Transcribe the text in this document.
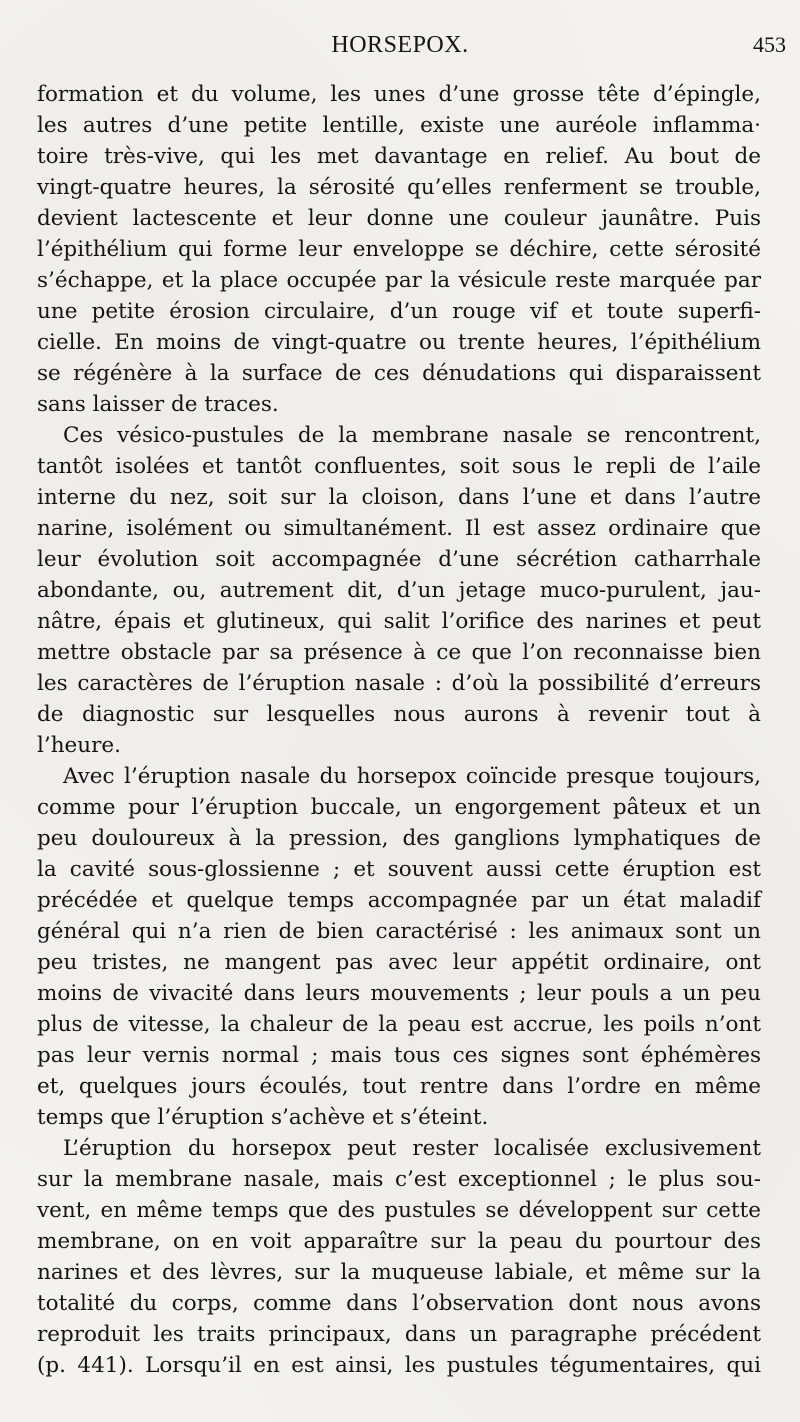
HORSEPOX.	453
formation et du volume, les unes d’une grosse tête d’épingle,
les autres d’une petite lentille, existe une auréole inflamma·
toire très-vive, qui les met davantage en relief. Au bout de
vingt-quatre heures, la sérosité qu’elles renferment se trouble,
devient lactescente et leur donne une couleur jaunâtre. Puis
l’épithélium qui forme leur enveloppe se déchire, cette sérosité
s’échappe, et la place occupée par la vésicule reste marquée par
une petite érosion circulaire, d’un rouge vif et toute superfi-
cielle. En moins de vingt-quatre ou trente heures, l’épithélium
se régénère à la surface de ces dénudations qui disparaissent
sans laisser de traces.
Ces vésico-pustules de la membrane nasale se rencontrent,
tantôt isolées et tantôt confluentes, soit sous le repli de l’aile
interne du nez, soit sur la cloison, dans l’une et dans l’autre
narine, isolément ou simultanément. Il est assez ordinaire que
leur évolution soit accompagnée d’une sécrétion catharrhale
abondante, ou, autrement dit, d’un jetage muco-purulent, jau-
nâtre, épais et glutineux, qui salit l’orifice des narines et peut
mettre obstacle par sa présence à ce que l’on reconnaisse bien
les caractères de l’éruption nasale : d’où la possibilité d’erreurs
de diagnostic sur lesquelles nous aurons à revenir tout à
l’heure.
Avec l’éruption nasale du horsepox coïncide presque toujours,
comme pour l’éruption buccale, un engorgement pâteux et un
peu douloureux à la pression, des ganglions lymphatiques de
la cavité sous-glossienne ; et souvent aussi cette éruption est
précédée et quelque temps accompagnée par un état maladif
général qui n’a rien de bien caractérisé : les animaux sont un
peu tristes, ne mangent pas avec leur appétit ordinaire, ont
moins de vivacité dans leurs mouvements ; leur pouls a un peu
plus de vitesse, la chaleur de la peau est accrue, les poils n’ont
pas leur vernis normal ; mais tous ces signes sont éphémères
et, quelques jours écoulés, tout rentre dans l’ordre en même
temps que l’éruption s’achève et s’éteint.
L’éruption du horsepox peut rester localisée exclusivement
sur la membrane nasale, mais c’est exceptionnel ; le plus sou-
vent, en même temps que des pustules se développent sur cette
membrane, on en voit apparaître sur la peau du pourtour des
narines et des lèvres, sur la muqueuse labiale, et même sur la
totalité du corps, comme dans l’observation dont nous avons
reproduit les traits principaux, dans un paragraphe précédent
(p. 441). Lorsqu’il en est ainsi, les pustules tégumentaires, qui
